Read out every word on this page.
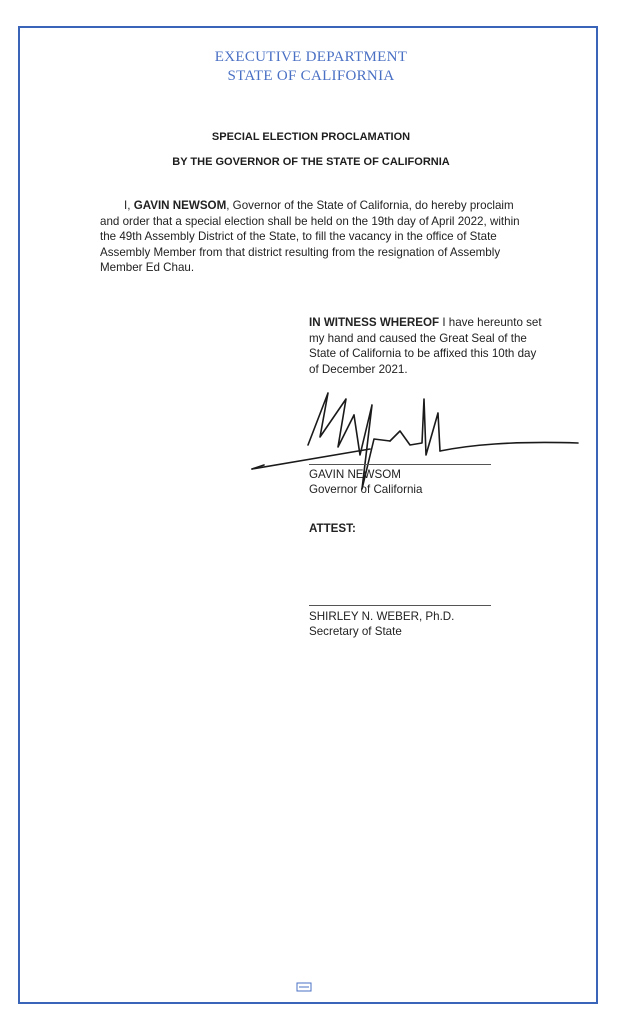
EXECUTIVE DEPARTMENT
STATE OF CALIFORNIA
SPECIAL ELECTION PROCLAMATION
BY THE GOVERNOR OF THE STATE OF CALIFORNIA
I, GAVIN NEWSOM, Governor of the State of California, do hereby proclaim and order that a special election shall be held on the 19th day of April 2022, within the 49th Assembly District of the State, to fill the vacancy in the office of State Assembly Member from that district resulting from the resignation of Assembly Member Ed Chau.
IN WITNESS WHEREOF I have hereunto set my hand and caused the Great Seal of the State of California to be affixed this 10th day of December 2021.
GAVIN NEWSOM
Governor of California
ATTEST:
SHIRLEY N. WEBER, Ph.D.
Secretary of State
